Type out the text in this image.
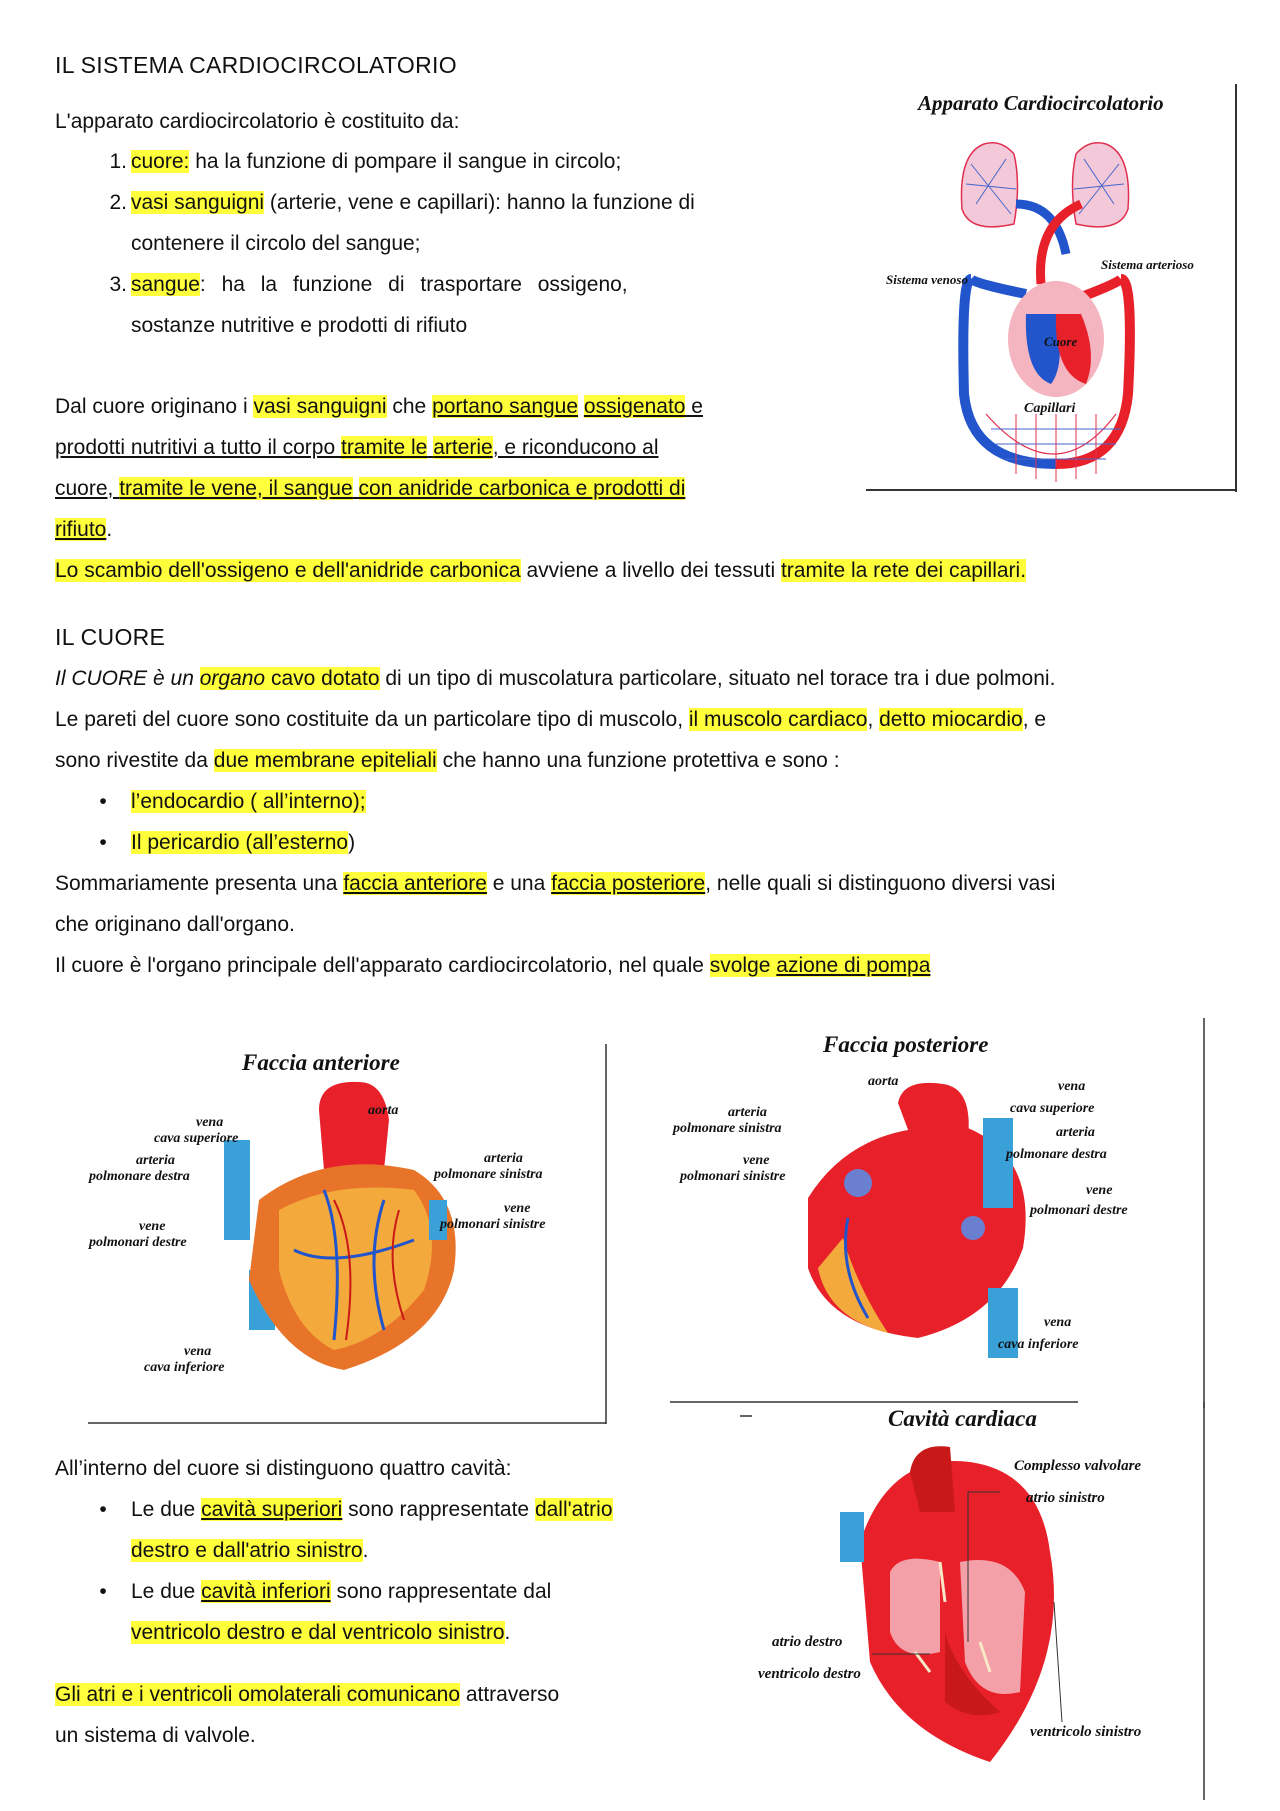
IL SISTEMA CARDIOCIRCOLATORIO
L'apparato cardiocircolatorio è costituito da:
1. cuore: ha la funzione di pompare il sangue in circolo;
2. vasi sanguigni (arterie, vene e capillari): hanno la funzione di
contenere il circolo del sangue;
3. sangue: ha la funzione di trasportare ossigeno,
sostanze nutritive e prodotti di rifiuto
Dal cuore originano i vasi sanguigni che portano sangue ossigenato e
prodotti nutritivi a tutto il corpo tramite le arterie, e riconducono al
cuore, tramite le vene, il sangue con anidride carbonica e prodotti di
rifiuto.
Lo scambio dell'ossigeno e dell'anidride carbonica avviene a livello dei tessuti tramite la rete dei capillari.
Apparato Cardiocircolatorio
Sistema venoso
Sistema arterioso
Cuore
Capillari
IL CUORE
Il CUORE è un organo cavo dotato di un tipo di muscolatura particolare, situato nel torace tra i due polmoni.
Le pareti del cuore sono costituite da un particolare tipo di muscolo, il muscolo cardiaco, detto miocardio, e
sono rivestite da due membrane epiteliali che hanno una funzione protettiva e sono :
• l’endocardio ( all’interno);
• Il pericardio (all’esterno)
Sommariamente presenta una faccia anteriore e una faccia posteriore, nelle quali si distinguono diversi vasi
che originano dall'organo.
Il cuore è l'organo principale dell'apparato cardiocircolatorio, nel quale svolge azione di pompa
Faccia anteriore
aorta
vena
cava superiore
arteria
polmonare destra
vene
polmonari destre
arteria
polmonare sinistra
vene
polmonari sinistre
vena
cava inferiore
Faccia posteriore
aorta
arteria
polmonare sinistra
vene
polmonari sinistre
vena
cava superiore
arteria
polmonare destra
vene
polmonari destre
vena
cava inferiore
All’interno del cuore si distinguono quattro cavità:
• Le due cavità superiori sono rappresentate dall'atrio
destro e dall'atrio sinistro.
• Le due cavità inferiori sono rappresentate dal
ventricolo destro e dal ventricolo sinistro.
Gli atri e i ventricoli omolaterali comunicano attraverso
un sistema di valvole.
Cavità cardiaca
Complesso valvolare
atrio sinistro
atrio destro
ventricolo destro
ventricolo sinistro
